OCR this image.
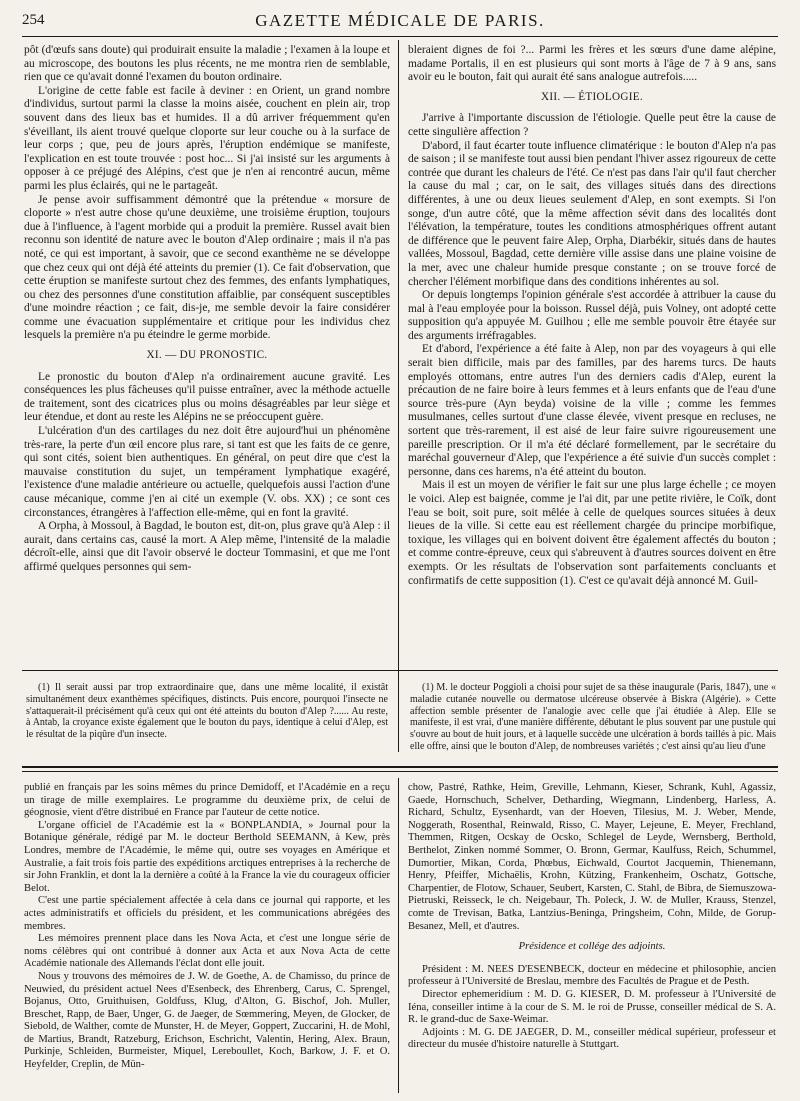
254	GAZETTE MÉDICALE DE PARIS.

pôt (d'œufs sans doute) qui produirait ensuite la maladie ; l'examen à la loupe et au microscope, des boutons les plus récents, ne me montra rien de semblable, rien que ce qu'avait donné l'examen du bouton ordinaire.

L'origine de cette fable est facile à deviner : en Orient, un grand nombre d'individus, surtout parmi la classe la moins aisée, couchent en plein air, trop souvent dans des lieux bas et humides. Il a dû arriver fréquemment qu'en s'éveillant, ils aient trouvé quelque cloporte sur leur couche ou à la surface de leur corps ; que, peu de jours après, l'éruption endémique se manifeste, l'explication en est toute trouvée : post hoc... Si j'ai insisté sur les arguments à opposer à ce préjugé des Alépins, c'est que je n'en ai rencontré aucun, même parmi les plus éclairés, qui ne le partageât.

Je pense avoir suffisamment démontré que la prétendue « morsure de cloporte » n'est autre chose qu'une deuxième, une troisième éruption, toujours due à l'influence, à l'agent morbide qui a produit la première. Russel avait bien reconnu son identité de nature avec le bouton d'Alep ordinaire ; mais il n'a pas noté, ce qui est important, à savoir, que ce second exanthème ne se développe que chez ceux qui ont déjà été atteints du premier (1). Ce fait d'observation, que cette éruption se manifeste surtout chez des femmes, des enfants lymphatiques, ou chez des personnes d'une constitution affaiblie, par conséquent susceptibles d'une moindre réaction ; ce fait, dis-je, me semble devoir la faire considérer comme une évacuation supplémentaire et critique pour les individus chez lesquels la première n'a pu éteindre le germe morbide.

XI. — DU PRONOSTIC.

Le pronostic du bouton d'Alep n'a ordinairement aucune gravité. Les conséquences les plus fâcheuses qu'il puisse entraîner, avec la méthode actuelle de traitement, sont des cicatrices plus ou moins désagréables par leur siège et leur étendue, et dont au reste les Alépins ne se préoccupent guère.

L'ulcération d'un des cartilages du nez doit être aujourd'hui un phénomène très-rare, la perte d'un œil encore plus rare, si tant est que les faits de ce genre, qui sont cités, soient bien authentiques. En général, on peut dire que c'est la mauvaise constitution du sujet, un tempérament lymphatique exagéré, l'existence d'une maladie antérieure ou actuelle, quelquefois aussi l'action d'une cause mécanique, comme j'en ai cité un exemple (V. obs. XX) ; ce sont ces circonstances, étrangères à l'affection elle-même, qui en font la gravité.

A Orpha, à Mossoul, à Bagdad, le bouton est, dit-on, plus grave qu'à Alep : il aurait, dans certains cas, causé la mort. A Alep même, l'intensité de la maladie décroît-elle, ainsi que dit l'avoir observé le docteur Tommasini, et que me l'ont affirmé quelques personnes qui sem-

bleraient dignes de foi ?... Parmi les frères et les sœurs d'une dame alépine, madame Portalis, il en est plusieurs qui sont morts à l'âge de 7 à 9 ans, sans avoir eu le bouton, fait qui aurait été sans analogue autrefois.....

XII. — ÉTIOLOGIE.

J'arrive à l'importante discussion de l'étiologie. Quelle peut être la cause de cette singulière affection ?

D'abord, il faut écarter toute influence climatérique : le bouton d'Alep n'a pas de saison ; il se manifeste tout aussi bien pendant l'hiver assez rigoureux de cette contrée que durant les chaleurs de l'été. Ce n'est pas dans l'air qu'il faut chercher la cause du mal ; car, on le sait, des villages situés dans des directions différentes, à une ou deux lieues seulement d'Alep, en sont exempts. Si l'on songe, d'un autre côté, que la même affection sévit dans des localités dont l'élévation, la température, toutes les conditions atmosphériques offrent autant de différence que le peuvent faire Alep, Orpha, Diarbékir, situés dans de hautes vallées, Mossoul, Bagdad, cette dernière ville assise dans une plaine voisine de la mer, avec une chaleur humide presque constante ; on se trouve forcé de chercher l'élément morbifique dans des conditions inhérentes au sol.

Or depuis longtemps l'opinion générale s'est accordée à attribuer la cause du mal à l'eau employée pour la boisson. Russel déjà, puis Volney, ont adopté cette supposition qu'a appuyée M. Guilhou ; elle me semble pouvoir être étayée sur des arguments irréfragables.

Et d'abord, l'expérience a été faite à Alep, non par des voyageurs à qui elle serait bien difficile, mais par des familles, par des harems turcs. De hauts employés ottomans, entre autres l'un des derniers cadis d'Alep, eurent la précaution de ne faire boire à leurs femmes et à leurs enfants que de l'eau d'une source très-pure (Ayn beyda) voisine de la ville ; comme les femmes musulmanes, celles surtout d'une classe élevée, vivent presque en recluses, ne sortent que très-rarement, il est aisé de leur faire suivre rigoureusement une pareille prescription. Or il m'a été déclaré formellement, par le secrétaire du maréchal gouverneur d'Alep, que l'expérience a été suivie d'un succès complet : personne, dans ces harems, n'a été atteint du bouton.

Mais il est un moyen de vérifier le fait sur une plus large échelle ; ce moyen le voici. Alep est baignée, comme je l'ai dit, par une petite rivière, le Coïk, dont l'eau se boit, soit pure, soit mêlée à celle de quelques sources situées à deux lieues de la ville. Si cette eau est réellement chargée du principe morbifique, toxique, les villages qui en boivent doivent être également affectés du bouton ; et comme contre-épreuve, ceux qui s'abreuvent à d'autres sources doivent en être exempts. Or les résultats de l'observation sont parfaitements concluants et confirmatifs de cette supposition (1). C'est ce qu'avait déjà annoncé M. Guil-

(1) Il serait aussi par trop extraordinaire que, dans une même localité, il existât simultanément deux exanthèmes spécifiques, distincts. Puis encore, pourquoi l'insecte ne s'attaquerait-il précisément qu'à ceux qui ont été atteints du bouton d'Alep ?...... Au reste, à Antab, la croyance existe également que le bouton du pays, identique à celui d'Alep, est le résultat de la piqûre d'un insecte.

(1) M. le docteur Poggioli a choisi pour sujet de sa thèse inaugurale (Paris, 1847), une « maladie cutanée nouvelle ou dermatose ulcéreuse observée à Biskra (Algérie). » Cette affection semble présenter de l'analogie avec celle que j'ai étudiée à Alep. Elle se manifeste, il est vrai, d'une manière différente, débutant le plus souvent par une pustule qui s'ouvre au bout de huit jours, et à laquelle succède une ulcération à bords taillés à pic. Mais elle offre, ainsi que le bouton d'Alep, de nombreuses variétés ; c'est ainsi qu'au lieu d'une

publié en français par les soins mêmes du prince Demidoff, et l'Académie en a reçu un tirage de mille exemplaires. Le programme du deuxième prix, de celui de géognosie, vient d'être distribué en France par l'auteur de cette notice.

L'organe officiel de l'Académie est la « BONPLANDIA, » Journal pour la Botanique générale, rédigé par M. le docteur Berthold SEEMANN, à Kew, près Londres, membre de l'Académie, le même qui, outre ses voyages en Amérique et Australie, a fait trois fois partie des expéditions arctiques entreprises à la recherche de sir John Franklin, et dont la la dernière a coûté à la France la vie du courageux officier Belot.

C'est une partie spécialement affectée à cela dans ce journal qui rapporte, et les actes administratifs et officiels du président, et les communications abrégées des membres.

Les mémoires prennent place dans les Nova Acta, et c'est une longue série de noms célèbres qui ont contribué à donner aux Acta et aux Nova Acta de cette Académie nationale des Allemands l'éclat dont elle jouit.

Nous y trouvons des mémoires de J. W. de Goethe, A. de Chamisso, du prince de Neuwied, du président actuel Nees d'Esenbeck, des Ehrenberg, Carus, C. Sprengel, Bojanus, Otto, Gruithuisen, Goldfuss, Klug, d'Alton, G. Bischof, Joh. Muller, Breschet, Rapp, de Baer, Unger, G. de Jaeger, de Sœmmering, Meyen, de Glocker, de Siebold, de Walther, comte de Munster, H. de Meyer, Goppert, Zuccarini, H. de Mohl, de Martius, Brandt, Ratzeburg, Erichson, Eschricht, Valentin, Hering, Alex. Braun, Purkinje, Schleiden, Burmeister, Miquel, Lereboullet, Koch, Barkow, J. F. et O. Heyfelder, Creplin, de Mün-

chow, Pastré, Rathke, Heim, Greville, Lehmann, Kieser, Schrank, Kuhl, Agassiz, Gaede, Hornschuch, Schelver, Detharding, Wiegmann, Lindenberg, Harless, A. Richard, Schultz, Eysenhardt, van der Hoeven, Tilesius, M. J. Weber, Mende, Noggerath, Rosenthal, Reinwald, Risso, C. Mayer, Lejeune, E. Meyer, Frechland, Themmen, Ritgen, Ocskay de Ocsko, Schlegel de Leyde, Wernsberg, Berthold, Berthelot, Zinken nommé Sommer, O. Bronn, Germar, Kaulfuss, Reich, Schummel, Dumortier, Mikan, Corda, Phœbus, Eichwald, Courtot Jacquemin, Thienemann, Henry, Pfeiffer, Michaëlis, Krohn, Kützing, Frankenheim, Oschatz, Gottsche, Charpentier, de Flotow, Schauer, Seubert, Karsten, C. Stahl, de Bibra, de Siemuszowa-Pietruski, Reisseck, le ch. Neigebaur, Th. Poleck, J. W. de Muller, Krauss, Stenzel, comte de Trevisan, Batka, Lantzius-Beninga, Pringsheim, Cohn, Milde, de Gorup-Besanez, Mell, et d'autres.

Présidence et collége des adjoints.

Président : M. NEES D'ESENBECK, docteur en médecine et philosophie, ancien professeur à l'Université de Breslau, membre des Facultés de Prague et de Pesth.

Director ephemeridium : M. D. G. KIESER, D. M. professeur à l'Université de Iéna, conseiller intime à la cour de S. M. le roi de Prusse, conseiller médical de S. A. R. le grand-duc de Saxe-Weimar.

Adjoints : M. G. DE JAEGER, D. M., conseiller médical supérieur, professeur et directeur du musée d'histoire naturelle à Stuttgart.
